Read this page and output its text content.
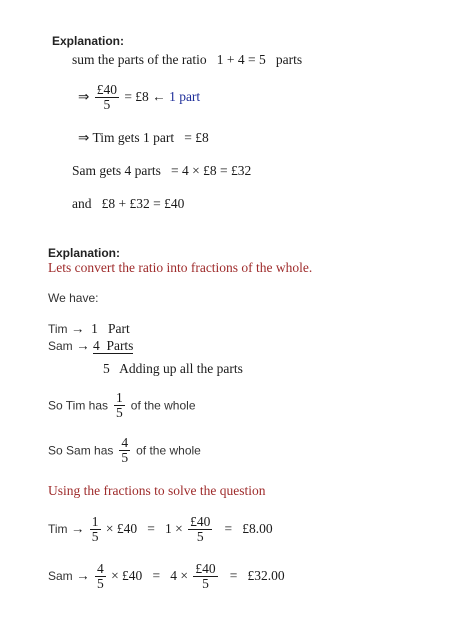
Explanation:
sum the parts of the ratio 1 + 4 = 5 parts
⇒ $\frac{£40}{5}$ = £8 ← 1 part
⇒ Tim gets 1 part = £8
Sam gets 4 parts = 4 × £8 = £32
and £8 + £32 = £40
Explanation:
Lets convert the ratio into fractions of the whole.
We have:
Tim → 1 Part
Sam → 4 Parts
5 Adding up all the parts
So Tim has $\frac{1}{5}$ of the whole
So Sam has $\frac{4}{5}$ of the whole
Using the fractions to solve the question
Tim → $\frac{1}{5}$ × £40 = $1 \times \frac{£40}{5}$ = £8.00
Sam → $\frac{4}{5}$ × £40 = $4 \times \frac{£40}{5}$ = £32.00
